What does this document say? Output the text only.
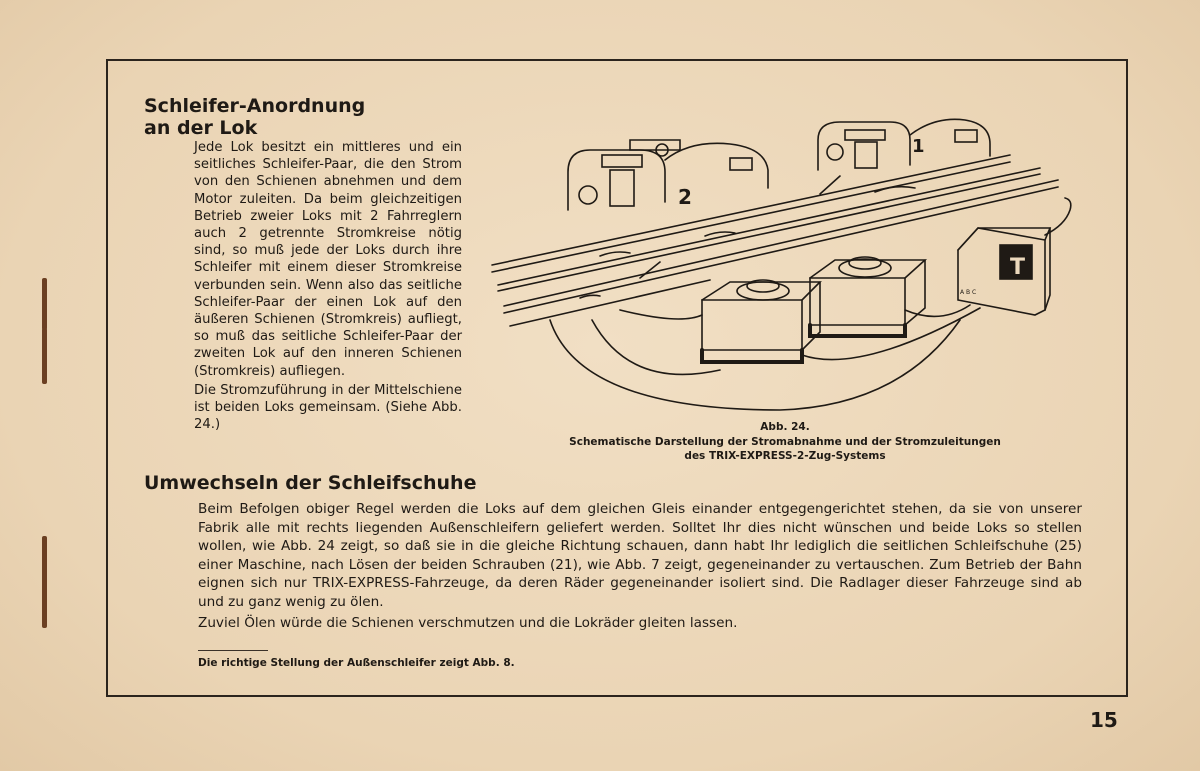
Schleifer-Anordnung
an der Lok

Jede Lok besitzt ein mittleres und ein seitliches Schleifer-Paar, die den Strom von den Schienen abnehmen und dem Motor zuleiten. Da beim gleichzeitigen Betrieb zweier Loks mit 2 Fahrreglern auch 2 getrennte Stromkreise nötig sind, so muß jede der Loks durch ihre Schleifer mit einem dieser Stromkreise verbunden sein. Wenn also das seitliche Schleifer-Paar der einen Lok auf den äußeren Schienen (Stromkreis) aufliegt, so muß das seitliche Schleifer-Paar der zweiten Lok auf den inneren Schienen (Stromkreis) aufliegen.

Die Stromzuführung in der Mittelschiene ist beiden Loks gemeinsam. (Siehe Abb. 24.)

2
1
T
A B C
Abb. 24.
Schematische Darstellung der Stromabnahme und der Stromzuleitungen
des TRIX-EXPRESS-2-Zug-Systems
Umwechseln der Schleifschuhe

Beim Befolgen obiger Regel werden die Loks auf dem gleichen Gleis einander entgegengerichtet stehen, da sie von unserer Fabrik alle mit rechts liegenden Außenschleifern geliefert werden. Solltet Ihr dies nicht wünschen und beide Loks so stellen wollen, wie Abb. 24 zeigt, so daß sie in die gleiche Richtung schauen, dann habt Ihr lediglich die seitlichen Schleifschuhe (25) einer Maschine, nach Lösen der beiden Schrauben (21), wie Abb. 7 zeigt, gegeneinander zu vertauschen. Zum Betrieb der Bahn eignen sich nur TRIX-EXPRESS-Fahrzeuge, da deren Räder gegeneinander isoliert sind. Die Radlager dieser Fahrzeuge sind ab und zu ganz wenig zu ölen.

Zuviel Ölen würde die Schienen verschmutzen und die Lokräder gleiten lassen.

Die richtige Stellung der Außenschleifer zeigt Abb. 8.
15
